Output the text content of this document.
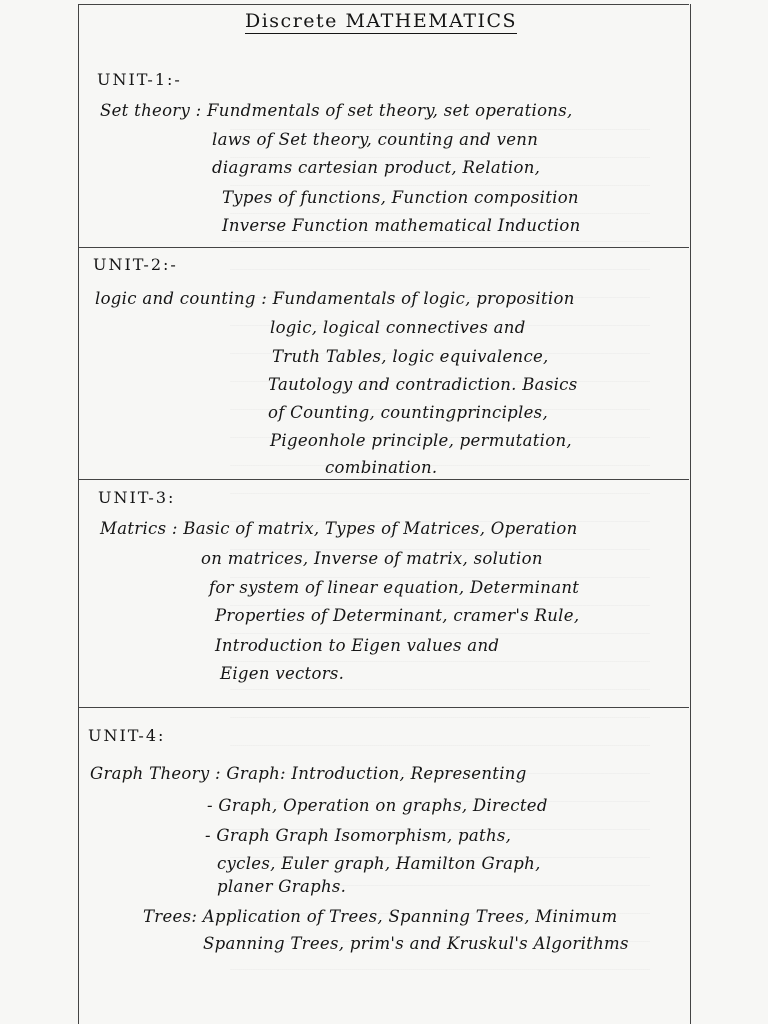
Discrete MATHEMATICS
UNIT-1:-
Set theory : Fundmentals of set theory, set operations,
laws of Set theory, counting and venn
diagrams cartesian product, Relation,
Types of functions, Function composition
Inverse Function mathematical Induction
UNIT-2:-
logic and counting : Fundamentals of logic, proposition
logic, logical connectives and
Truth Tables, logic equivalence,
Tautology and contradiction. Basics
of Counting, countingprinciples,
Pigeonhole principle, permutation,
combination.
UNIT-3:
Matrics : Basic of matrix, Types of Matrices, Operation
on matrices, Inverse of matrix, solution
for system of linear equation, Determinant
Properties of Determinant, cramer's Rule,
Introduction to Eigen values and
Eigen vectors.
UNIT-4:
Graph Theory : Graph: Introduction, Representing
- Graph, Operation on graphs, Directed
- Graph Graph Isomorphism, paths,
cycles, Euler graph, Hamilton Graph,
planer Graphs.
Trees: Application of Trees, Spanning Trees, Minimum
Spanning Trees, prim's and Kruskul's Algorithms
